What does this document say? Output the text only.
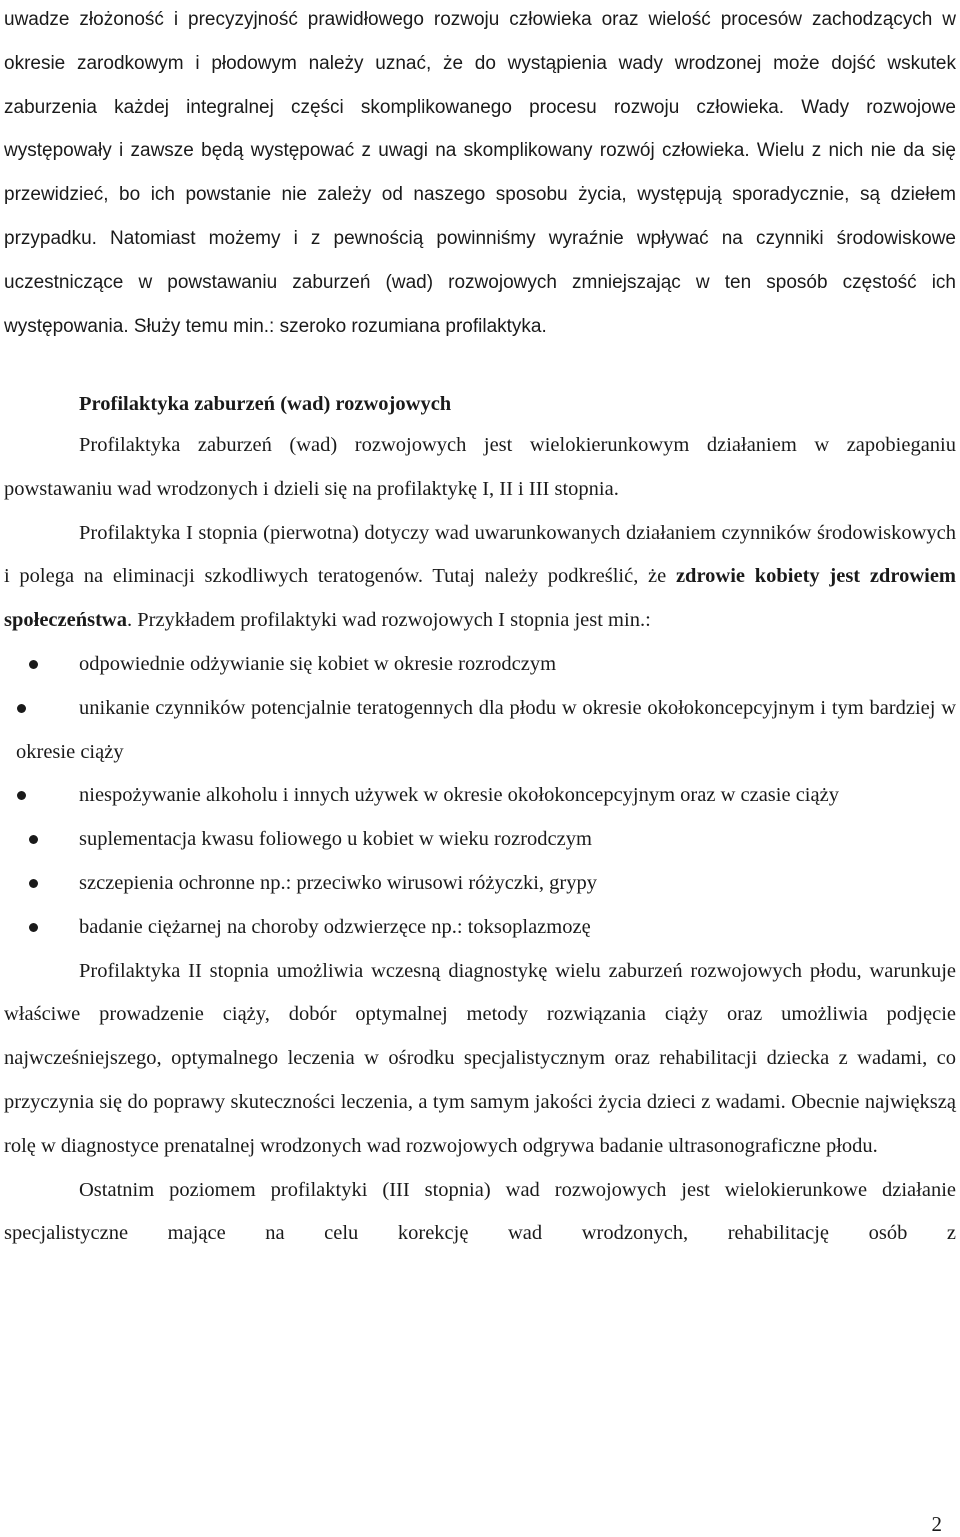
uwadze złożoność i precyzyjność prawidłowego rozwoju człowieka oraz wielość procesów zachodzących w okresie zarodkowym i płodowym należy uznać, że do wystąpienia wady wrodzonej może dojść wskutek zaburzenia każdej integralnej części skomplikowanego procesu rozwoju człowieka. Wady rozwojowe występowały i zawsze będą występować z uwagi na skomplikowany rozwój człowieka. Wielu z nich nie da się przewidzieć, bo ich powstanie nie zależy od naszego sposobu życia, występują sporadycznie, są dziełem przypadku. Natomiast możemy i z pewnością powinniśmy wyraźnie wpływać na czynniki środowiskowe uczestniczące w powstawaniu zaburzeń (wad) rozwojowych zmniejszając w ten sposób częstość ich występowania. Służy temu min.: szeroko rozumiana profilaktyka.

Profilaktyka zaburzeń (wad) rozwojowych

Profilaktyka zaburzeń (wad) rozwojowych jest wielokierunkowym działaniem w zapobieganiu powstawaniu wad wrodzonych i dzieli się na profilaktykę I, II i III stopnia.

Profilaktyka I stopnia (pierwotna) dotyczy wad uwarunkowanych działaniem czynników środowiskowych i polega na eliminacji szkodliwych teratogenów. Tutaj należy podkreślić, że zdrowie kobiety jest zdrowiem społeczeństwa. Przykładem profilaktyki wad rozwojowych I stopnia jest min.:

odpowiednie odżywianie się kobiet w okresie rozrodczym
unikanie czynników potencjalnie teratogennych dla płodu w okresie okołokoncepcyjnym i tym bardziej w okresie ciąży
niespożywanie alkoholu i innych używek w okresie okołokoncepcyjnym oraz w czasie ciąży
suplementacja kwasu foliowego u kobiet w wieku rozrodczym
szczepienia ochronne np.: przeciwko wirusowi różyczki, grypy
badanie ciężarnej na choroby odzwierzęce np.: toksoplazmozę

Profilaktyka II stopnia umożliwia wczesną diagnostykę wielu zaburzeń rozwojowych płodu, warunkuje właściwe prowadzenie ciąży, dobór optymalnej metody rozwiązania ciąży oraz umożliwia podjęcie najwcześniejszego, optymalnego leczenia w ośrodku specjalistycznym oraz rehabilitacji dziecka z wadami, co przyczynia się do poprawy skuteczności leczenia, a tym samym jakości życia dzieci z wadami. Obecnie największą rolę w diagnostyce prenatalnej wrodzonych wad rozwojowych odgrywa badanie ultrasonograficzne płodu.

Ostatnim poziomem profilaktyki (III stopnia) wad rozwojowych jest wielokierunkowe działanie specjalistyczne mające na celu korekcję wad wrodzonych, rehabilitację osób z

2
